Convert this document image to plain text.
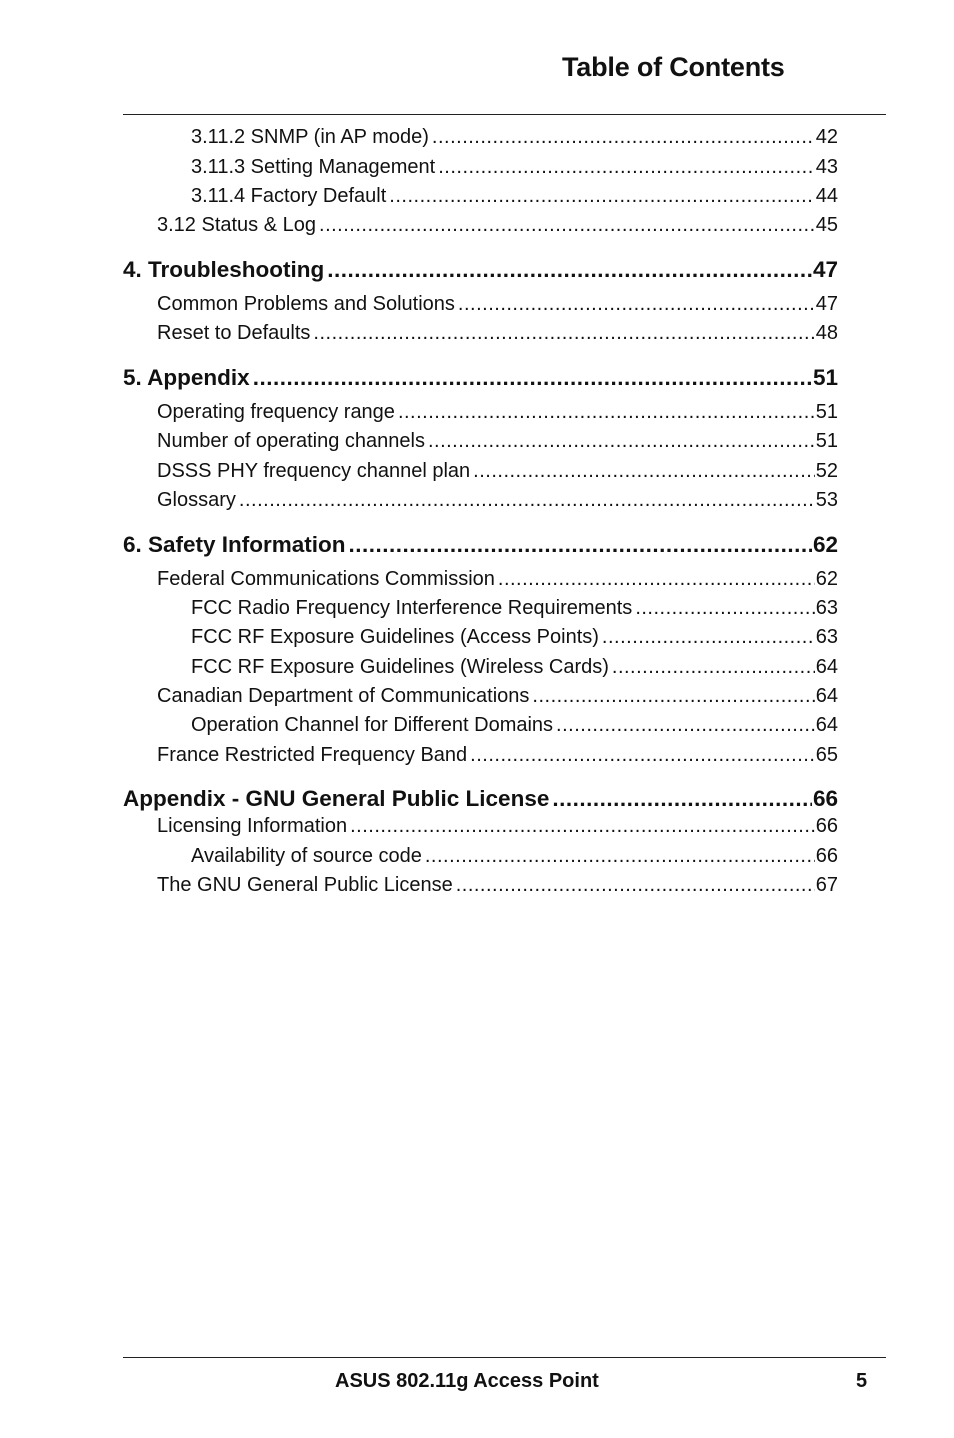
Table of Contents
3.11.2 SNMP (in AP mode) .....	42
3.11.3 Setting Management .....	43
3.11.4 Factory Default .....	44
3.12 Status & Log .....	45
4. Troubleshooting .....	47
Common Problems and Solutions .....	47
Reset to Defaults .....	48
5. Appendix .....	51
Operating frequency range .....	51
Number of operating channels .....	51
DSSS PHY frequency channel plan .....	52
Glossary .....	53
6. Safety Information .....	62
Federal Communications Commission .....	62
FCC Radio Frequency Interference Requirements .....	63
FCC RF Exposure Guidelines (Access Points) .....	63
FCC RF Exposure Guidelines (Wireless Cards) .....	64
Canadian Department of Communications .....	64
Operation Channel for Different Domains .....	64
France Restricted Frequency Band .....	65
Appendix - GNU General Public License .....	66
Licensing Information .....	66
Availability of source code .....	66
The GNU General Public License .....	67
ASUS 802.11g Access Point	5
